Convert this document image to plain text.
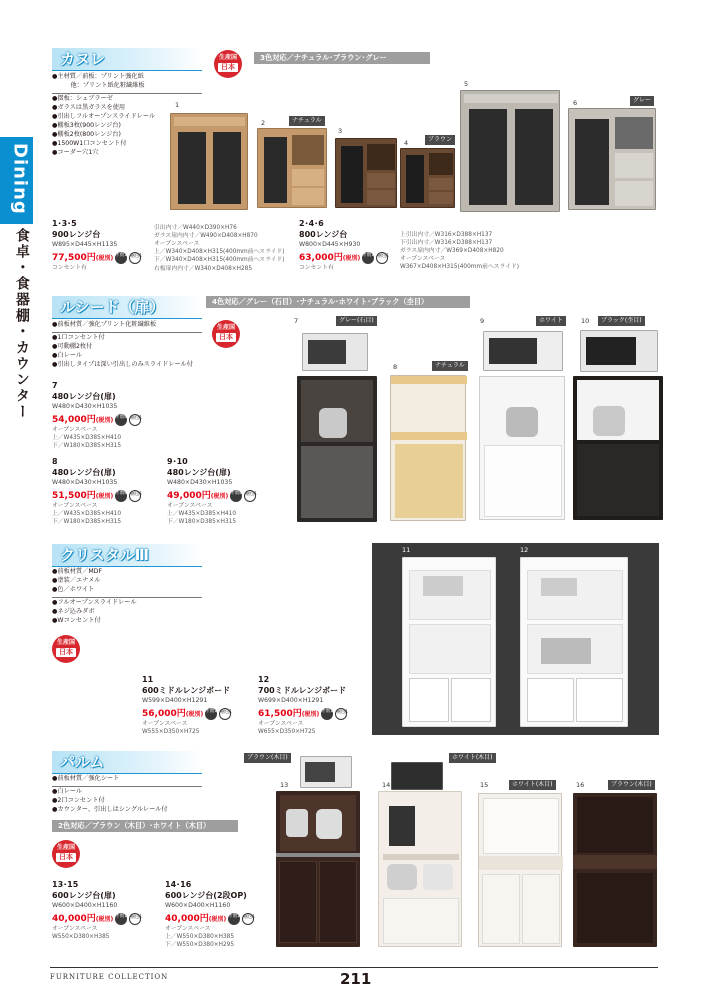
Dining
食卓・食器棚・カウンター
カヌレ
●主材質／前板：プリント強化紙
　　　他：プリント紙化粧繊維板
●摺板：シュブラーゼ
●ガラスは黒ガラスを使用
●引出しフルオープンスライドレール
●棚板3枚(900レンジ台)
●棚板2枚(800レンジ台)
●1500W1口コンセント付
●コーダー穴1穴
生産国
日本
3色対応／ナチュラル･ブラウン･グレー
1
2	ナチュラル
3
4	ブラウン
5
6	グレー
1･3･5
900レンジ台
W895×D445×H1135
77,500円(税別) 才数17.7梱包1
コンセント有
引出内寸／W440×D390×H76
ガラス扉内内寸／W490×D408×H870
オープンスペース
上／W340×D408×H315(400mm前へスライド)
下／W340×D408×H315(400mm前へスライド)
右板扉内内寸／W340×D408×H285
2･4･6
800レンジ台
W800×D445×H930
63,000円(税別) 才数12.4梱包1
コンセント有
上引出内寸／W316×D388×H137
下引出内寸／W316×D388×H137
ガラス扉内内寸／W369×D408×H820
オープンスペース
W367×D408×H315(400mm前へスライド)
ルシード（扉）	4色対応／グレー（石目）･ナチュラル･ホワイト･ブラック（杢目）
●前板材質／強化プリント化粧繊維板
●1口コンセント付
●可動棚2枚付
●白レール
●引出しタイプは深い引出しのみスライドレール付
生産国
日本
7	グレー(石目)
8	ナチュラル
9	ホワイト	10	ブラック(杢目)
7
480レンジ台(扉)
W480×D430×H1035
54,000円(税別) 才数8.4梱包1
オープンスペース
上／W435×D385×H410
下／W180×D385×H315
8
480レンジ台(扉)
W480×D430×H1035
51,500円(税別) 才数8.4梱包1
オープンスペース
上／W435×D385×H410
下／W180×D385×H315
9･10
480レンジ台(扉)
W480×D430×H1035
49,000円(税別) 才数8.4梱包1
オープンスペース
上／W435×D385×H410
下／W180×D385×H315
クリスタルⅢ
●前板材質／MDF
●塗装／エナメル
●色／ホワイト
●フルオープンスライドレール
●ネジ込みダボ
●Wコンセント付
生産国
日本
11	12
11
600ミドルレンジボード
W599×D400×H1291
56,000円(税別) 才数11.5梱包1
オープンスペース
W555×D350×H725
12
700ミドルレンジボード
W699×D400×H1291
61,500円(税別) 才数13.4梱包1
オープンスペース
W655×D350×H725
パルム
●前板材質／強化シート
●白レール
●2口コンセント付
●カウンター、引出しはシングルレール付
2色対応／ブラウン（木目）･ホワイト（木目）
生産国
日本
ブラウン(木目)
13
ホワイト(木目)
14	15	ホワイト(木目)	16	ブラウン(木目)
13･15
600レンジ台(扉)
W600×D400×H1160
40,000円(税別) 才数10.5梱包1
オープンスペース
W550×D380×H385
14･16
600レンジ台(2段OP)
W600×D400×H1160
40,000円(税別) 才数10.3梱包1
オープンスペース
上／W550×D380×H385
下／W550×D380×H295
FURNITURE COLLECTION	211
